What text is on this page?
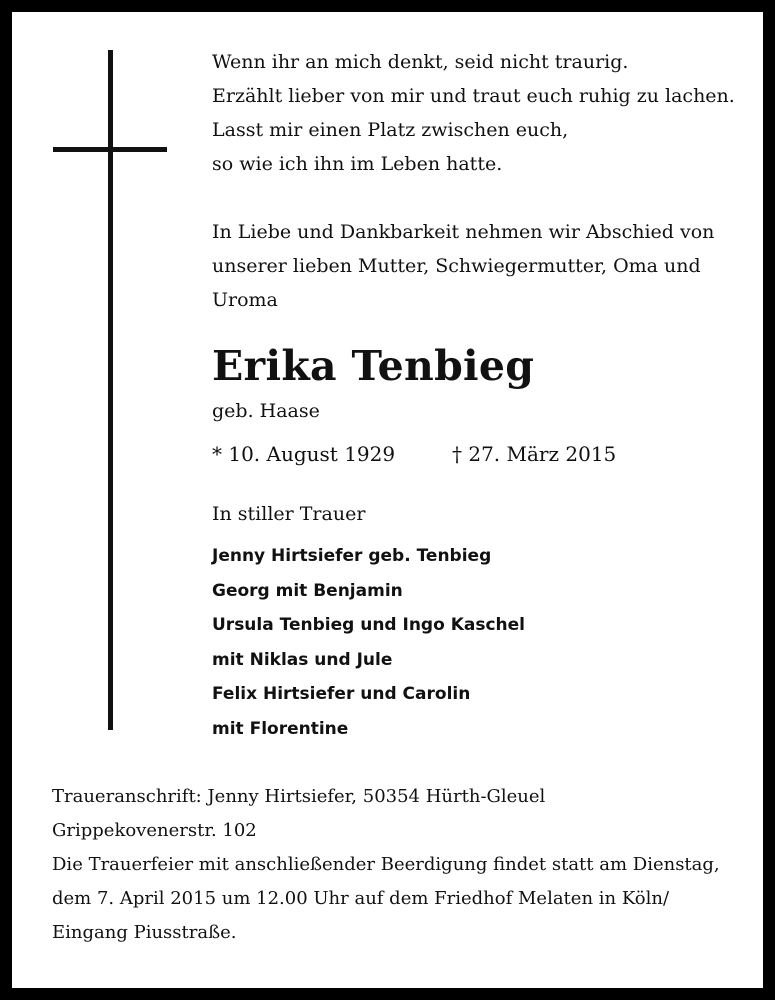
Wenn ihr an mich denkt, seid nicht traurig.
Erzählt lieber von mir und traut euch ruhig zu lachen.
Lasst mir einen Platz zwischen euch,
so wie ich ihn im Leben hatte.
In Liebe und Dankbarkeit nehmen wir Abschied von
unserer lieben Mutter, Schwiegermutter, Oma und
Uroma
Erika Tenbieg
geb. Haase
* 10. August 1929	† 27. März 2015
In stiller Trauer
Jenny Hirtsiefer geb. Tenbieg
Georg mit Benjamin
Ursula Tenbieg und Ingo Kaschel
mit Niklas und Jule
Felix Hirtsiefer und Carolin
mit Florentine
Traueranschrift: Jenny Hirtsiefer, 50354 Hürth-Gleuel
Grippekovenerstr. 102
Die Trauerfeier mit anschließender Beerdigung findet statt am Dienstag,
dem 7. April 2015 um 12.00 Uhr auf dem Friedhof Melaten in Köln/
Eingang Piusstraße.
